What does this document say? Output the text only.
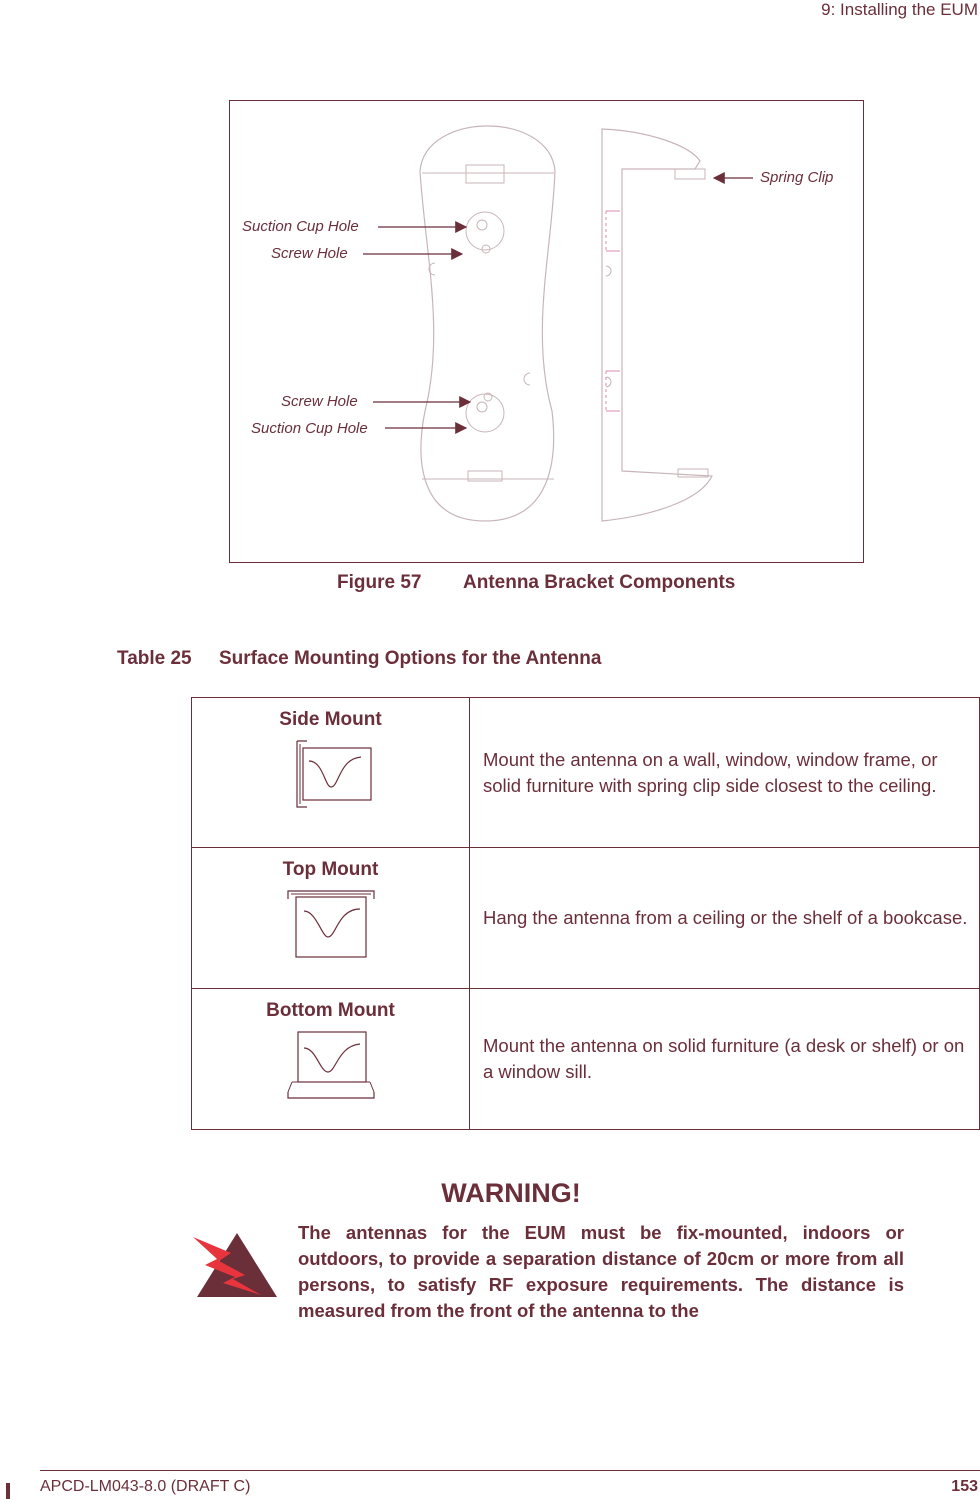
9: Installing the EUM
Suction Cup Hole
Screw Hole
Screw Hole
Suction Cup Hole
Spring Clip
Figure 57 Antenna Bracket Components
Table 25 Surface Mounting Options for the Antenna
Side Mount	Mount the antenna on a wall, window, window frame, or solid furniture with spring clip side closest to the ceiling.

Top Mount	Hang the antenna from a ceiling or the shelf of a bookcase.

Bottom Mount	Mount the antenna on solid furniture (a desk or shelf) or on a window sill.
WARNING!
The antennas for the EUM must be fix-mounted, indoors or outdoors, to provide a separation distance of 20cm or more from all persons, to satisfy RF exposure requirements. The distance is measured from the front of the antenna to the
APCD-LM043-8.0 (DRAFT C)	153
